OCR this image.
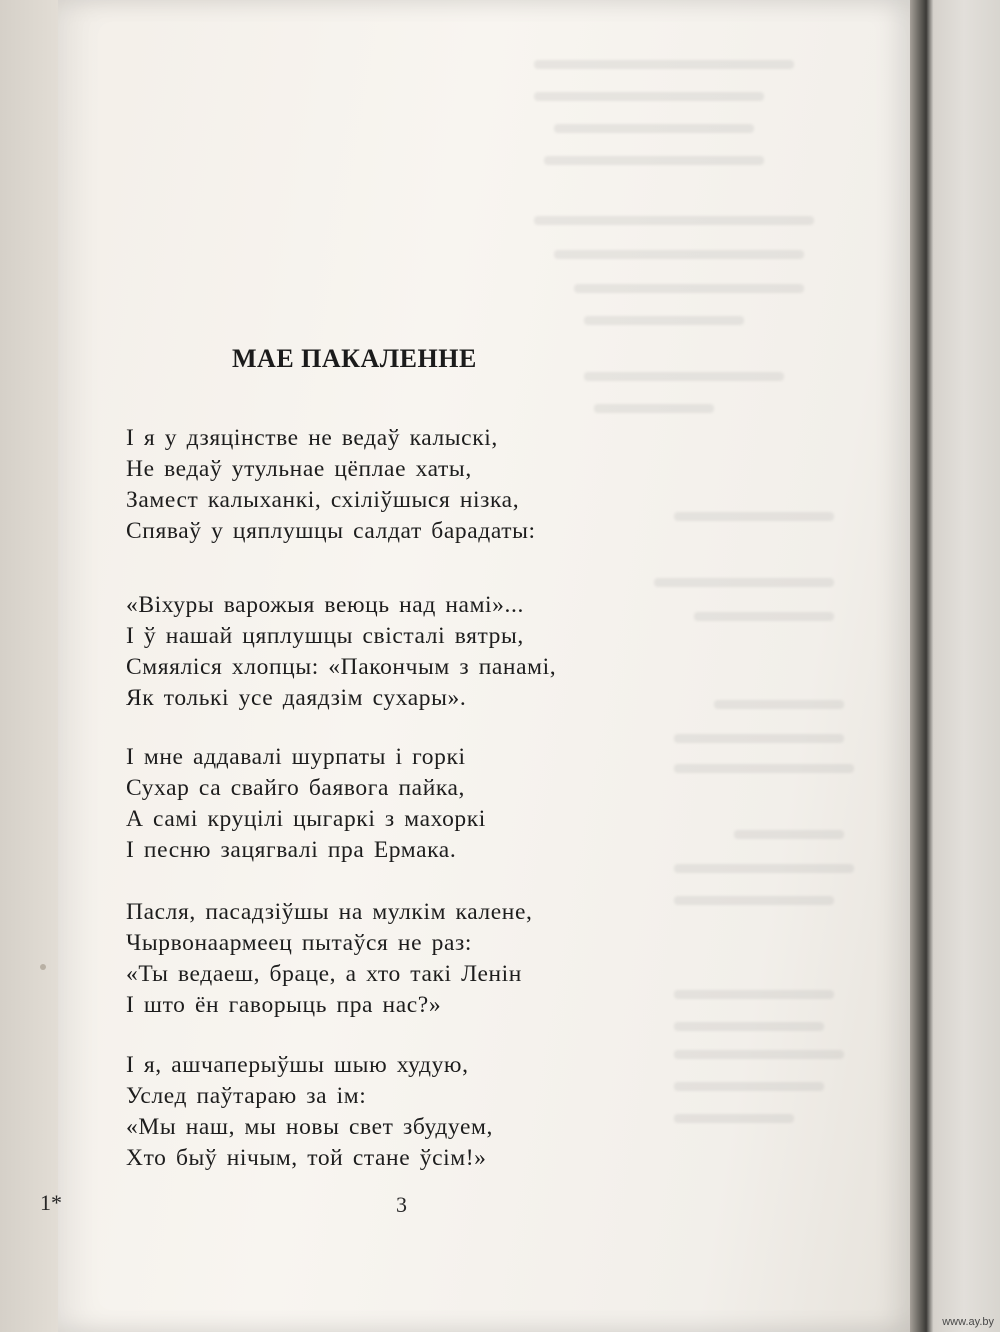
МАЕ ПАКАЛЕННЕ
І я у дзяцінстве не ведаў калыскі,
Не ведаў утульнае цёплае хаты,
Замест калыханкі, схіліўшыся нізка,
Спяваў у цяплушцы салдат барадаты:
«Віхуры варожыя веюць над намі»...
І ў нашай цяплушцы свісталі вятры,
Смяяліся хлопцы: «Пакончым з панамі,
Як толькі усе даядзім сухары».
І мне аддавалі шурпаты і горкі
Сухар са свайго баявога пайка,
А самі круцілі цыгаркі з махоркі
І песню зацягвалі пра Ермака.
Пасля, пасадзіўшы на мулкім калене,
Чырвонаармеец пытаўся не раз:
«Ты ведаеш, браце, а хто такі Ленін
І што ён гаворыць пра нас?»
І я, ашчаперыўшы шыю худую,
Услед паўтараю за ім:
«Мы наш, мы новы свет збудуем,
Хто быў нічым, той стане ўсім!»
1*	3
www.ay.by
